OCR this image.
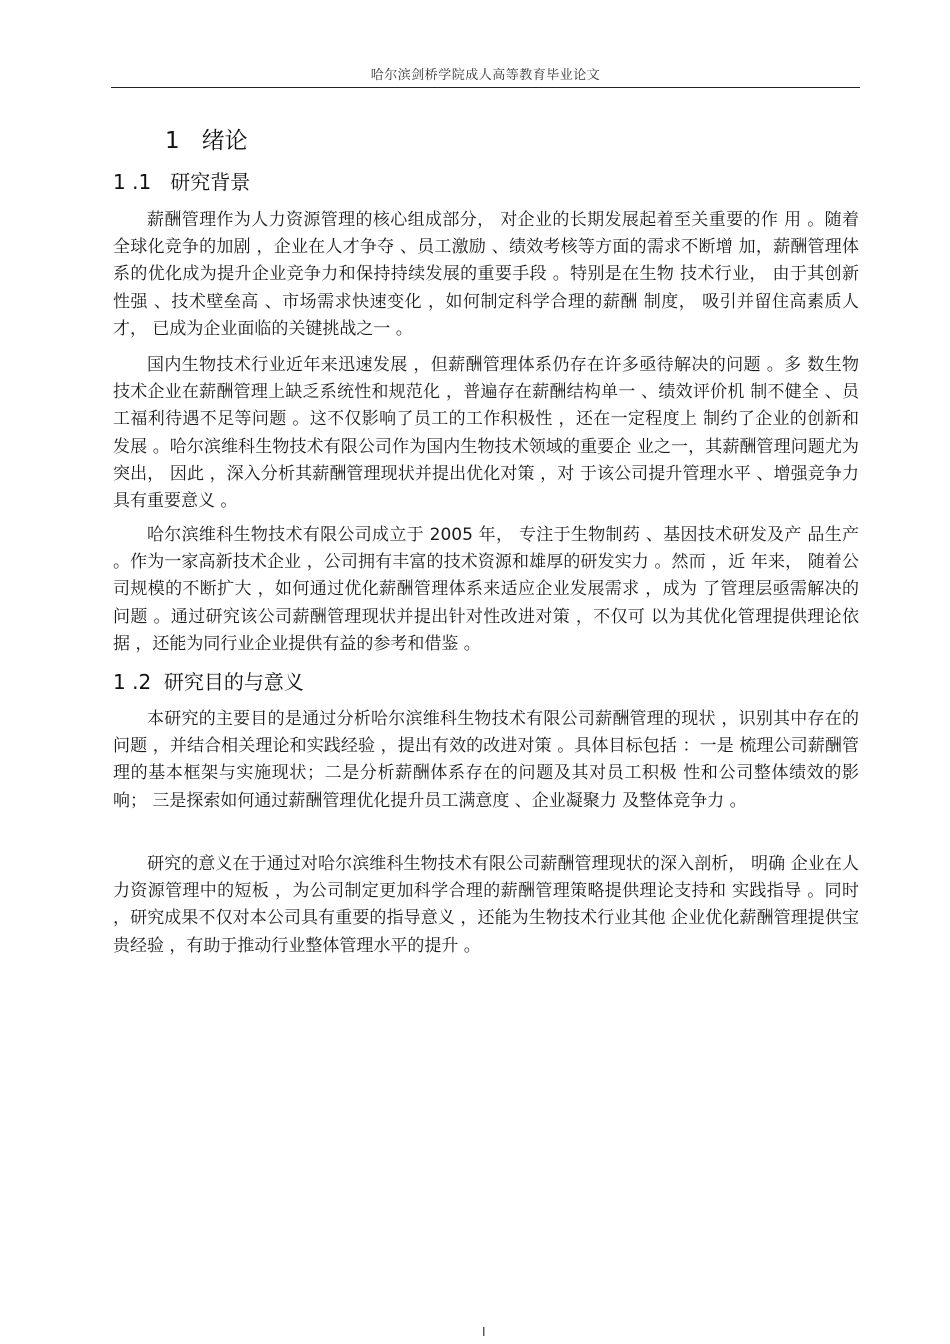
哈尔滨剑桥学院成人高等教育毕业论文
1   绪论
1 .1   研究背景

薪酬管理作为人力资源管理的核心组成部分， 对企业的长期发展起着至关重要的作 用 。随着全球化竞争的加剧 ，企业在人才争夺 、员工激励 、绩效考核等方面的需求不断增 加，薪酬管理体系的优化成为提升企业竞争力和保持持续发展的重要手段 。特别是在生物 技术行业， 由于其创新性强 、技术壁垒高 、市场需求快速变化 ，如何制定科学合理的薪酬 制度， 吸引并留住高素质人才， 已成为企业面临的关键挑战之一 。

国内生物技术行业近年来迅速发展 ，但薪酬管理体系仍存在许多亟待解决的问题 。多 数生物技术企业在薪酬管理上缺乏系统性和规范化 ，普遍存在薪酬结构单一 、绩效评价机 制不健全 、员工福利待遇不足等问题 。这不仅影响了员工的工作积极性 ，还在一定程度上 制约了企业的创新和发展 。哈尔滨维科生物技术有限公司作为国内生物技术领域的重要企 业之一，其薪酬管理问题尤为突出， 因此 ，深入分析其薪酬管理现状并提出优化对策 ，对 于该公司提升管理水平 、增强竞争力具有重要意义 。

哈尔滨维科生物技术有限公司成立于 2005 年， 专注于生物制药 、基因技术研发及产 品生产 。作为一家高新技术企业 ，公司拥有丰富的技术资源和雄厚的研发实力 。然而 ，近 年来， 随着公司规模的不断扩大 ，如何通过优化薪酬管理体系来适应企业发展需求 ，成为 了管理层亟需解决的问题 。通过研究该公司薪酬管理现状并提出针对性改进对策 ，不仅可 以为其优化管理提供理论依据 ，还能为同行业企业提供有益的参考和借鉴 。

1 .2  研究目的与意义

本研究的主要目的是通过分析哈尔滨维科生物技术有限公司薪酬管理的现状 ，识别其中存在的问题 ，并结合相关理论和实践经验 ，提出有效的改进对策 。具体目标包括 ：一是 梳理公司薪酬管理的基本框架与实施现状；二是分析薪酬体系存在的问题及其对员工积极 性和公司整体绩效的影响； 三是探索如何通过薪酬管理优化提升员工满意度 、企业凝聚力 及整体竞争力 。

研究的意义在于通过对哈尔滨维科生物技术有限公司薪酬管理现状的深入剖析， 明确 企业在人力资源管理中的短板 ，为公司制定更加科学合理的薪酬管理策略提供理论支持和 实践指导 。同时 ，研究成果不仅对本公司具有重要的指导意义 ，还能为生物技术行业其他 企业优化薪酬管理提供宝贵经验 ，有助于推动行业整体管理水平的提升 。

I
